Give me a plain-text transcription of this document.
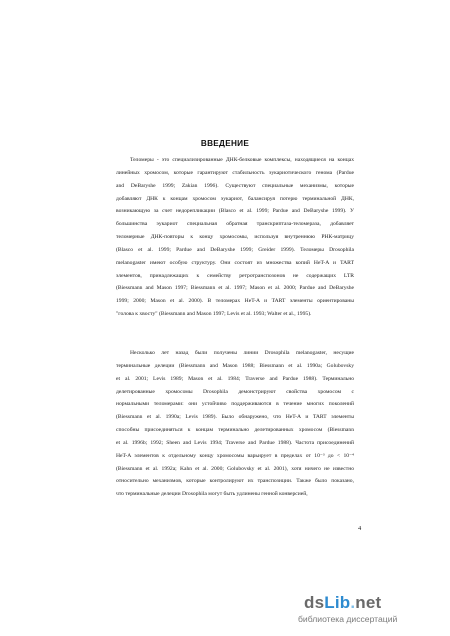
ВВЕДЕНИЕ
Теломеры - это специализированные ДНК-белковые комплексы, находящиеся на концах
линейных хромосом, которые гарантируют стабильность эукариотического генома (Pardue
and DeBaryshe 1999; Zakian 1996). Существуют специальные механизмы, которые
добавляют ДНК к концам хромосом эукариот, балансируя потерю терминальной ДНК,
возникающую за счет недорепликации (Blasco et al. 1999; Pardue and DeBaryshe 1999). У
большинства эукариот специальная обратная транскриптаза-теломераза, добавляет
теломерные ДНК-повторы к концу хромосомы, используя внутреннюю РНК-матрицу
(Blasco et al. 1999; Pardue and DeBaryshe 1999; Greider 1999). Теломеры Drosophila
melanogaster имеют особую структуру. Они состоят из множества копий HeT-A и TART
элементов, принадлежащих к семейству ретротранспозонов не содержащих LTR
(Biessmann and Mason 1997; Biessmann et al. 1997; Mason et al. 2000; Pardue and DeBaryshe
1999; 2000; Mason et al. 2000). В теломерах HeT-A и TART элементы ориентированы
"голова к хвосту" (Biessmann and Mason 1997; Levis et al. 1993; Walter et al., 1995).
Несколько лет назад были получены линии Drosophila melanogaster, несущие
терминальные делеции (Biessmann and Mason 1988; Biessmann et al. 1990a; Golubovsky
et al. 2001; Levis 1989; Mason et al. 1984; Traverse and Pardue 1988). Терминально
делетированные хромосомы Drosophila демонстрируют свойства хромосом с
нормальными теломерами: они устойчиво поддерживаются в течение многих поколений
(Biessmann et al. 1990a; Levis 1989). Было обнаружено, что HeT-A и TART элементы
способны присоединяться к концам терминально делетированных хромосом (Biessmann
et al. 1996b; 1992; Sheen and Levis 1994; Traverse and Pardue 1988). Частота присоединений
HeT-A элементов к отдельному концу хромосомы варьирует в пределах от 10⁻³ до < 10⁻⁴
(Biessmann et al. 1992a; Kahn et al. 2000; Golubovsky et al. 2001), хотя ничего не известно
относительно механизмов, которые контролируют их транспозиции. Также было показано,
что терминальные делеции Drosophila могут быть удлинены генной конверсией,
4
dsLib.net
библиотека диссертаций
